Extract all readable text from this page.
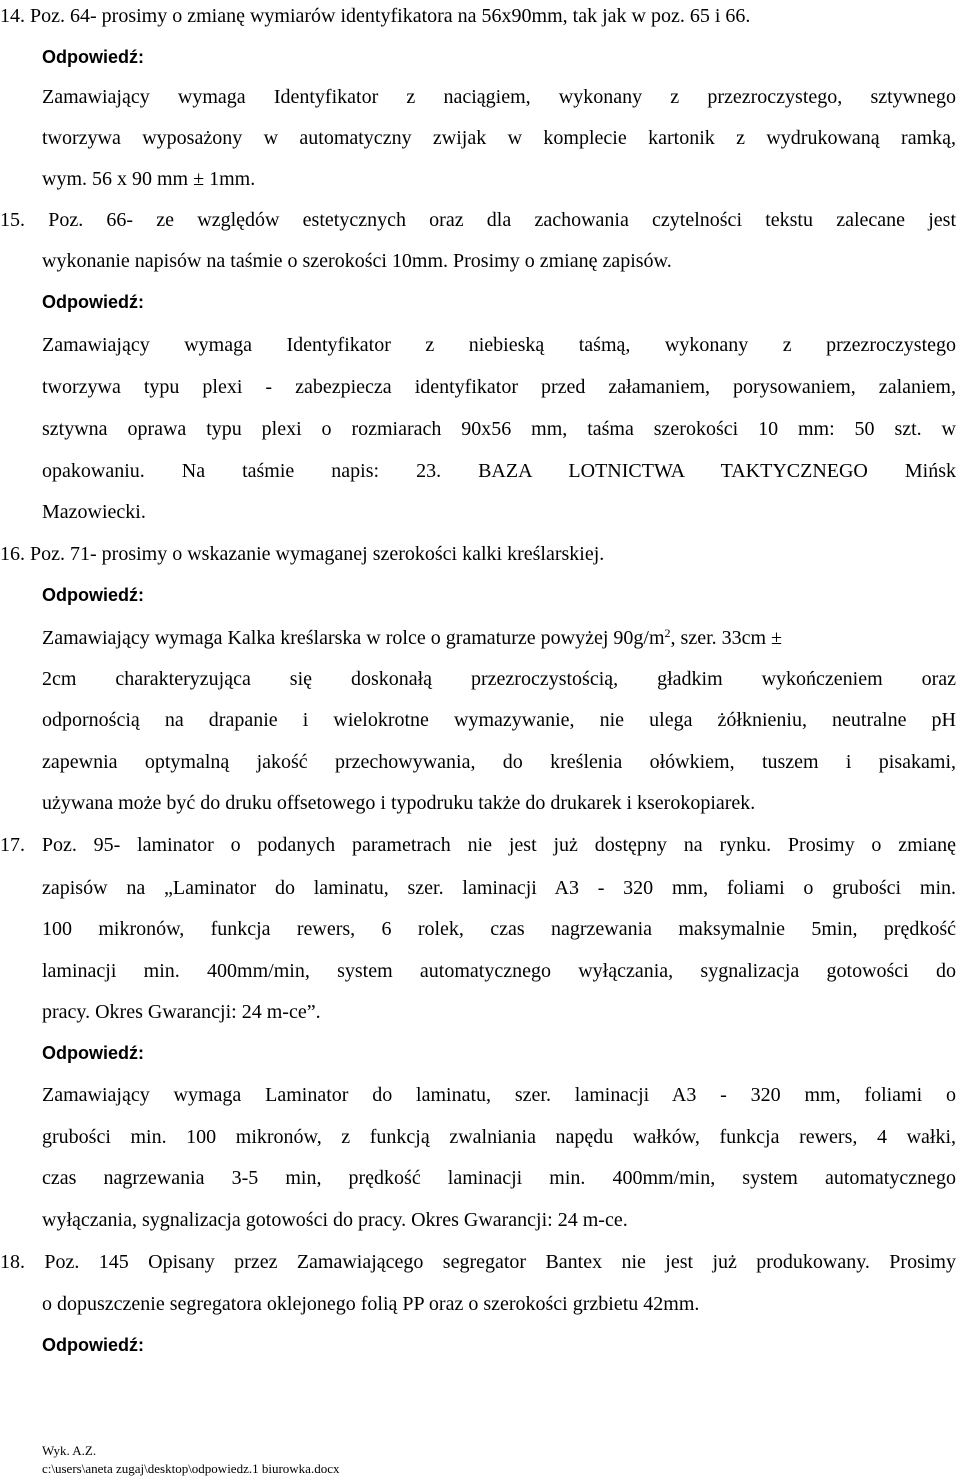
14. Poz. 64- prosimy o zmianę wymiarów identyfikatora na 56x90mm, tak jak w poz. 65 i 66.

Odpowiedź:

Zamawiający wymaga Identyfikator z naciągiem, wykonany z przezroczystego, sztywnego

tworzywa wyposażony w automatyczny zwijak w komplecie kartonik z wydrukowaną ramką,

wym. 56 x 90 mm ± 1mm.

15. Poz. 66- ze względów estetycznych oraz dla zachowania czytelności tekstu zalecane jest

wykonanie napisów na taśmie o szerokości 10mm. Prosimy o zmianę zapisów.

Odpowiedź:

Zamawiający wymaga Identyfikator z niebieską taśmą, wykonany z przezroczystego

tworzywa typu plexi - zabezpiecza identyfikator przed załamaniem, porysowaniem, zalaniem,

sztywna oprawa typu plexi o rozmiarach 90x56 mm, taśma szerokości 10 mm: 50 szt. w

opakowaniu. Na taśmie napis: 23. BAZA LOTNICTWA TAKTYCZNEGO Mińsk

Mazowiecki.

16. Poz. 71- prosimy o wskazanie wymaganej szerokości kalki kreślarskiej.

Odpowiedź:

Zamawiający wymaga Kalka kreślarska w rolce o gramaturze powyżej $90g/m^2$, szer. 33cm ±

2cm charakteryzująca się doskonałą przezroczystością, gładkim wykończeniem oraz

odpornością na drapanie i wielokrotne wymazywanie, nie ulega żółknieniu, neutralne pH

zapewnia optymalną jakość przechowywania, do kreślenia ołówkiem, tuszem i pisakami,

używana może być do druku offsetowego i typodruku także do drukarek i kserokopiarek.

17. Poz. 95- laminator o podanych parametrach nie jest już dostępny na rynku. Prosimy o zmianę

zapisów na „Laminator do laminatu, szer. laminacji A3 - 320 mm, foliami o grubości min.

100 mikronów, funkcja rewers, 6 rolek, czas nagrzewania maksymalnie 5min, prędkość

laminacji min. 400mm/min, system automatycznego wyłączania, sygnalizacja gotowości do

pracy. Okres Gwarancji: 24 m-ce”.

Odpowiedź:

Zamawiający wymaga Laminator do laminatu, szer. laminacji A3 - 320 mm, foliami o

grubości min. 100 mikronów, z funkcją zwalniania napędu wałków, funkcja rewers, 4 wałki,

czas nagrzewania 3-5 min, prędkość laminacji min. 400mm/min, system automatycznego

wyłączania, sygnalizacja gotowości do pracy. Okres Gwarancji: 24 m-ce.

18. Poz. 145 Opisany przez Zamawiającego segregator Bantex nie jest już produkowany. Prosimy

o dopuszczenie segregatora oklejonego folią PP oraz o szerokości grzbietu 42mm.

Odpowiedź:

Wyk. A.Z.
c:\users\aneta zugaj\desktop\odpowiedz.1 biurowka.docx
